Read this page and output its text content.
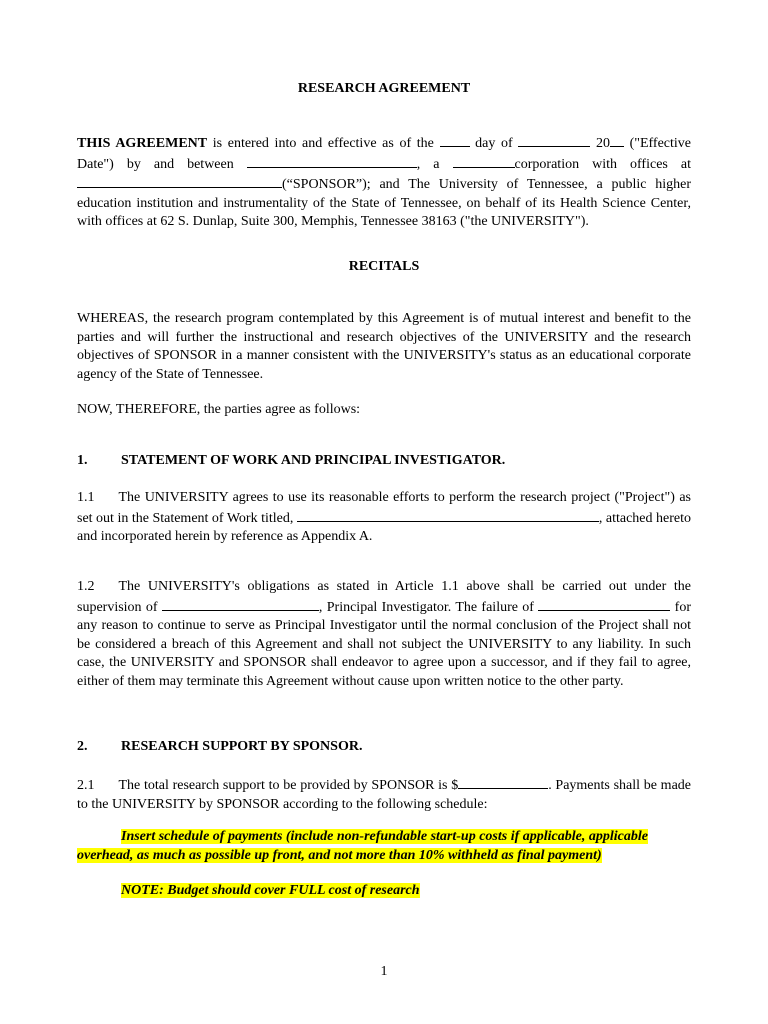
RESEARCH AGREEMENT
THIS AGREEMENT is entered into and effective as of the  day of	20 ("Effective Date") by and between	, a	corporation with offices at (“SPONSOR”); and The University of Tennessee, a public higher education institution and instrumentality of the State of Tennessee, on behalf of its Health Science Center, with offices at 62 S. Dunlap, Suite 300, Memphis, Tennessee 38163 ("the UNIVERSITY").
RECITALS
WHEREAS, the research program contemplated by this Agreement is of mutual interest and benefit to the parties and will further the instructional and research objectives of the UNIVERSITY and the research objectives of SPONSOR in a manner consistent with the UNIVERSITY's status as an educational corporate agency of the State of Tennessee.
NOW, THEREFORE, the parties agree as follows:
1. STATEMENT OF WORK AND PRINCIPAL INVESTIGATOR.
1.1 The UNIVERSITY agrees to use its reasonable efforts to perform the research project ("Project") as set out in the Statement of Work titled,	, attached hereto and incorporated herein by reference as Appendix A.
1.2 The UNIVERSITY's obligations as stated in Article 1.1 above shall be carried out under the supervision of	, Principal Investigator. The failure of	for any reason to continue to serve as Principal Investigator until the normal conclusion of the Project shall not be considered a breach of this Agreement and shall not subject the UNIVERSITY to any liability. In such case, the UNIVERSITY and SPONSOR shall endeavor to agree upon a successor, and if they fail to agree, either of them may terminate this Agreement without cause upon written notice to the other party.
2. RESEARCH SUPPORT BY SPONSOR.
2.1 The total research support to be provided by SPONSOR is $	. Payments shall be made to the UNIVERSITY by SPONSOR according to the following schedule:
Insert schedule of payments (include non-refundable start-up costs if applicable, applicable overhead, as much as possible up front, and not more than 10% withheld as final payment)
NOTE: Budget should cover FULL cost of research
1
